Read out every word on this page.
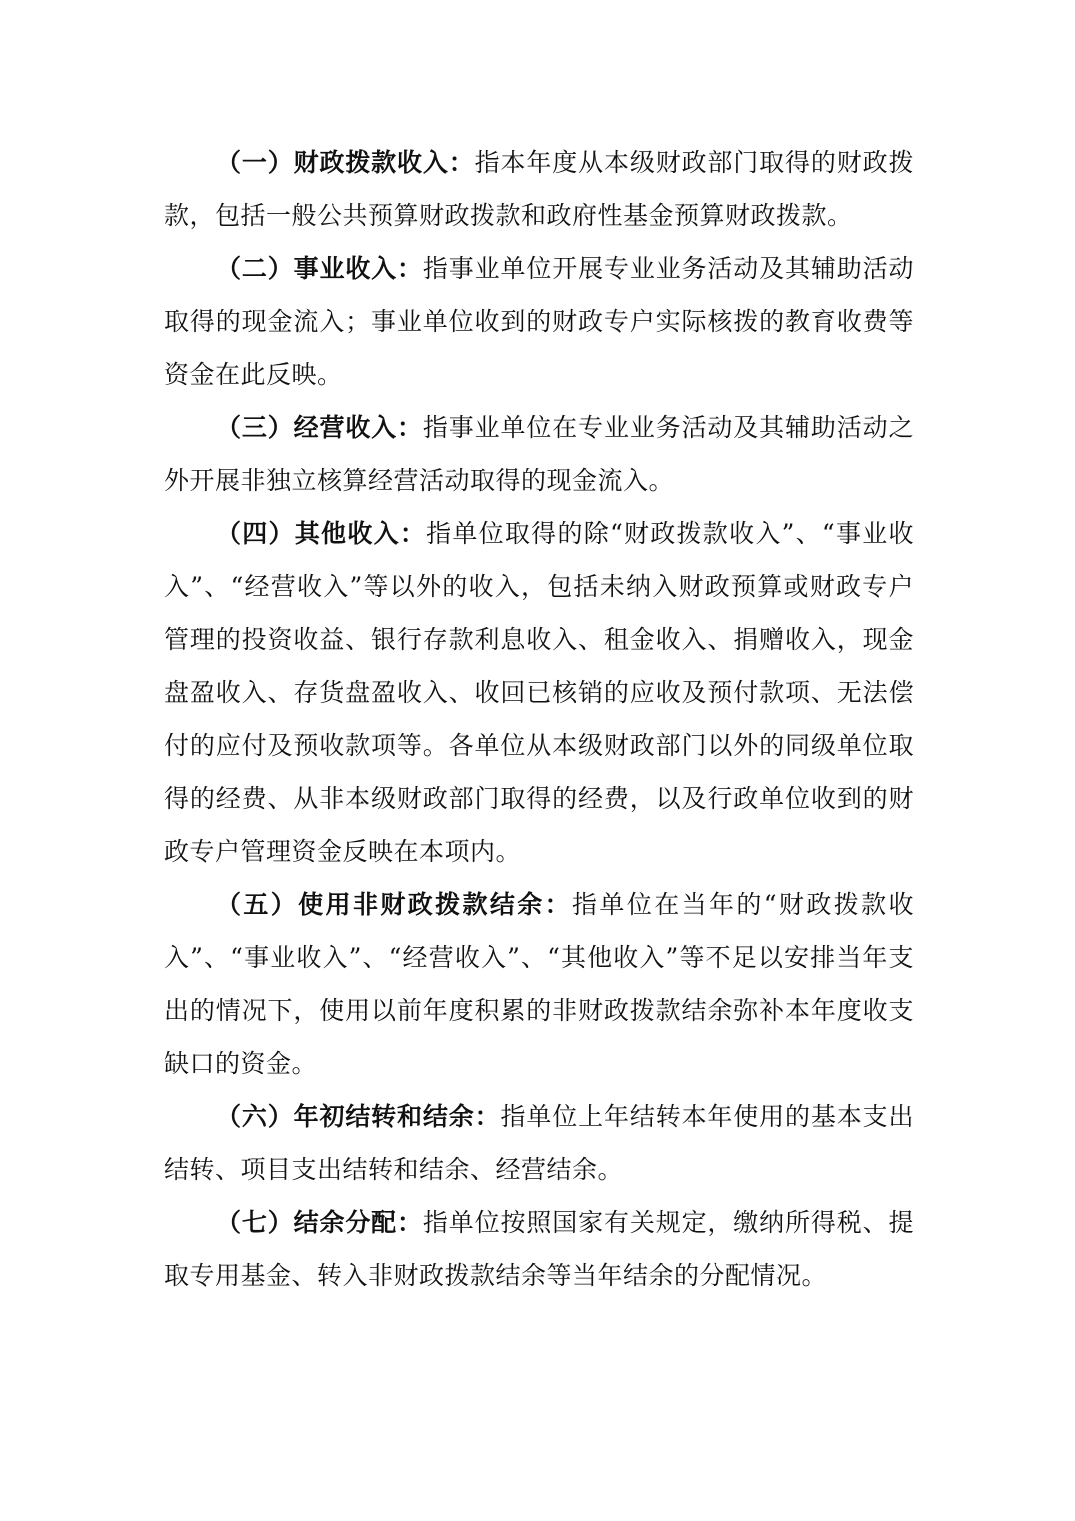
（一）财政拨款收入：指本年度从本级财政部门取得的财政拨款，包括一般公共预算财政拨款和政府性基金预算财政拨款。

（二）事业收入：指事业单位开展专业业务活动及其辅助活动取得的现金流入；事业单位收到的财政专户实际核拨的教育收费等资金在此反映。

（三）经营收入：指事业单位在专业业务活动及其辅助活动之外开展非独立核算经营活动取得的现金流入。

（四）其他收入：指单位取得的除“财政拨款收入”、“事业收入”、“经营收入”等以外的收入，包括未纳入财政预算或财政专户管理的投资收益、银行存款利息收入、租金收入、捐赠收入，现金盘盈收入、存货盘盈收入、收回已核销的应收及预付款项、无法偿付的应付及预收款项等。各单位从本级财政部门以外的同级单位取得的经费、从非本级财政部门取得的经费，以及行政单位收到的财政专户管理资金反映在本项内。

（五）使用非财政拨款结余：指单位在当年的“财政拨款收入”、“事业收入”、“经营收入”、“其他收入”等不足以安排当年支出的情况下，使用以前年度积累的非财政拨款结余弥补本年度收支缺口的资金。

（六）年初结转和结余：指单位上年结转本年使用的基本支出结转、项目支出结转和结余、经营结余。

（七）结余分配：指单位按照国家有关规定，缴纳所得税、提取专用基金、转入非财政拨款结余等当年结余的分配情况。
